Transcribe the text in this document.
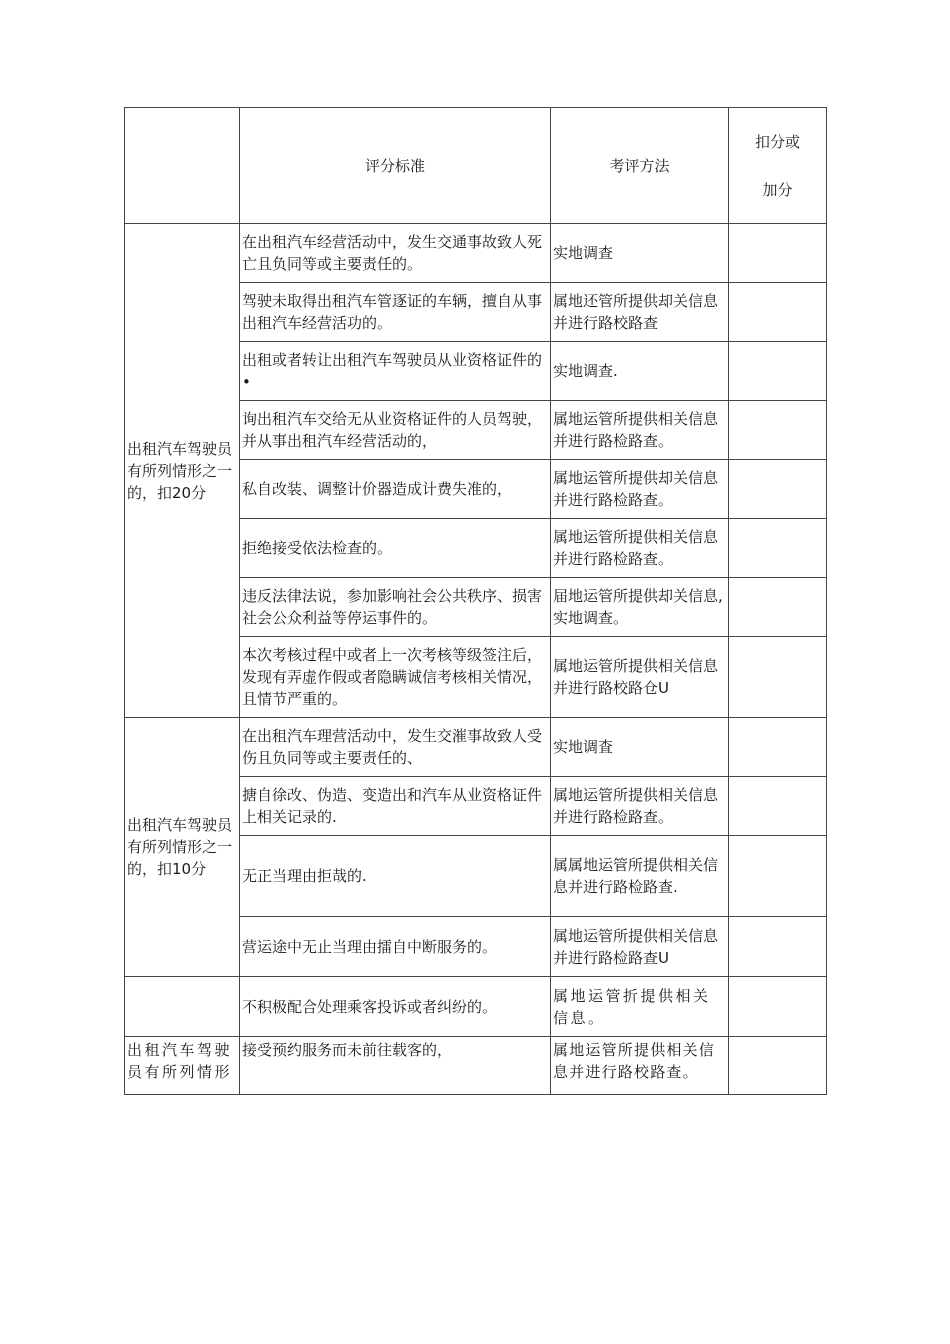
	评分标准	考评方法	扣分或
加分
出租汽车驾驶员有所列情形之一的，扣20分	在出租汽车经营活动中，发生交通事故致人死亡且负同等或主要责任的。	实地调查	
	驾驶未取得出租汽车管逐证的车辆，擅自从事出租汽车经营活功的。	属地还管所提供却关信息并进行路校路查	
	出租或者转让出租汽车驾驶员从业资格证件的•	实地调查.	
	询出租汽车交给无从业资格证件的人员驾驶，并从事出租汽车经营活动的，	属地运管所提供相关信息并进行路检路查。	
	私自改装、调整计价器造成计费失准的，	属地运管所提供却关信息并进行路检路查。	
	拒绝接受依法检查的。	属地运管所提供相关信息并进行路检路查。	
	违反法律法说，参加影响社会公共秩序、损害社会公众利益等停运事件的。	届地运管所提供却关信息,实地调查。	
	本次考核过程中或者上一次考核等级签注后，发现有弄虚作假或者隐瞒诚信考核相关情况，且情节严重的。	属地运管所提供相关信息并进行路校路仓U	
出租汽车驾驶员有所列情形之一的，扣10分	在出租汽车理营活动中，发生交漼事故致人受伤且负同等或主要责任的、	实地调査	
	搪自徐改、伪造、变造出和汽车从业资格证件上相关记录的.	属地运管所提供相关信息并进行路检路查。	
	无正当理由拒哉的.	属属地运管所提供相关信息并进行路检路查.	
	营运途中无止当理由擂自中断服务的。	属地运管所提供相关信息并进行路检路查U	
	不积极配合处理乘客投诉或者纠纷的。	属地运管折提供相关信息。	
出租汽车驾驶员有所列情形	接受预约服务而未前往载客的，	属地运管所提供相关信息并进行路校路查。	
